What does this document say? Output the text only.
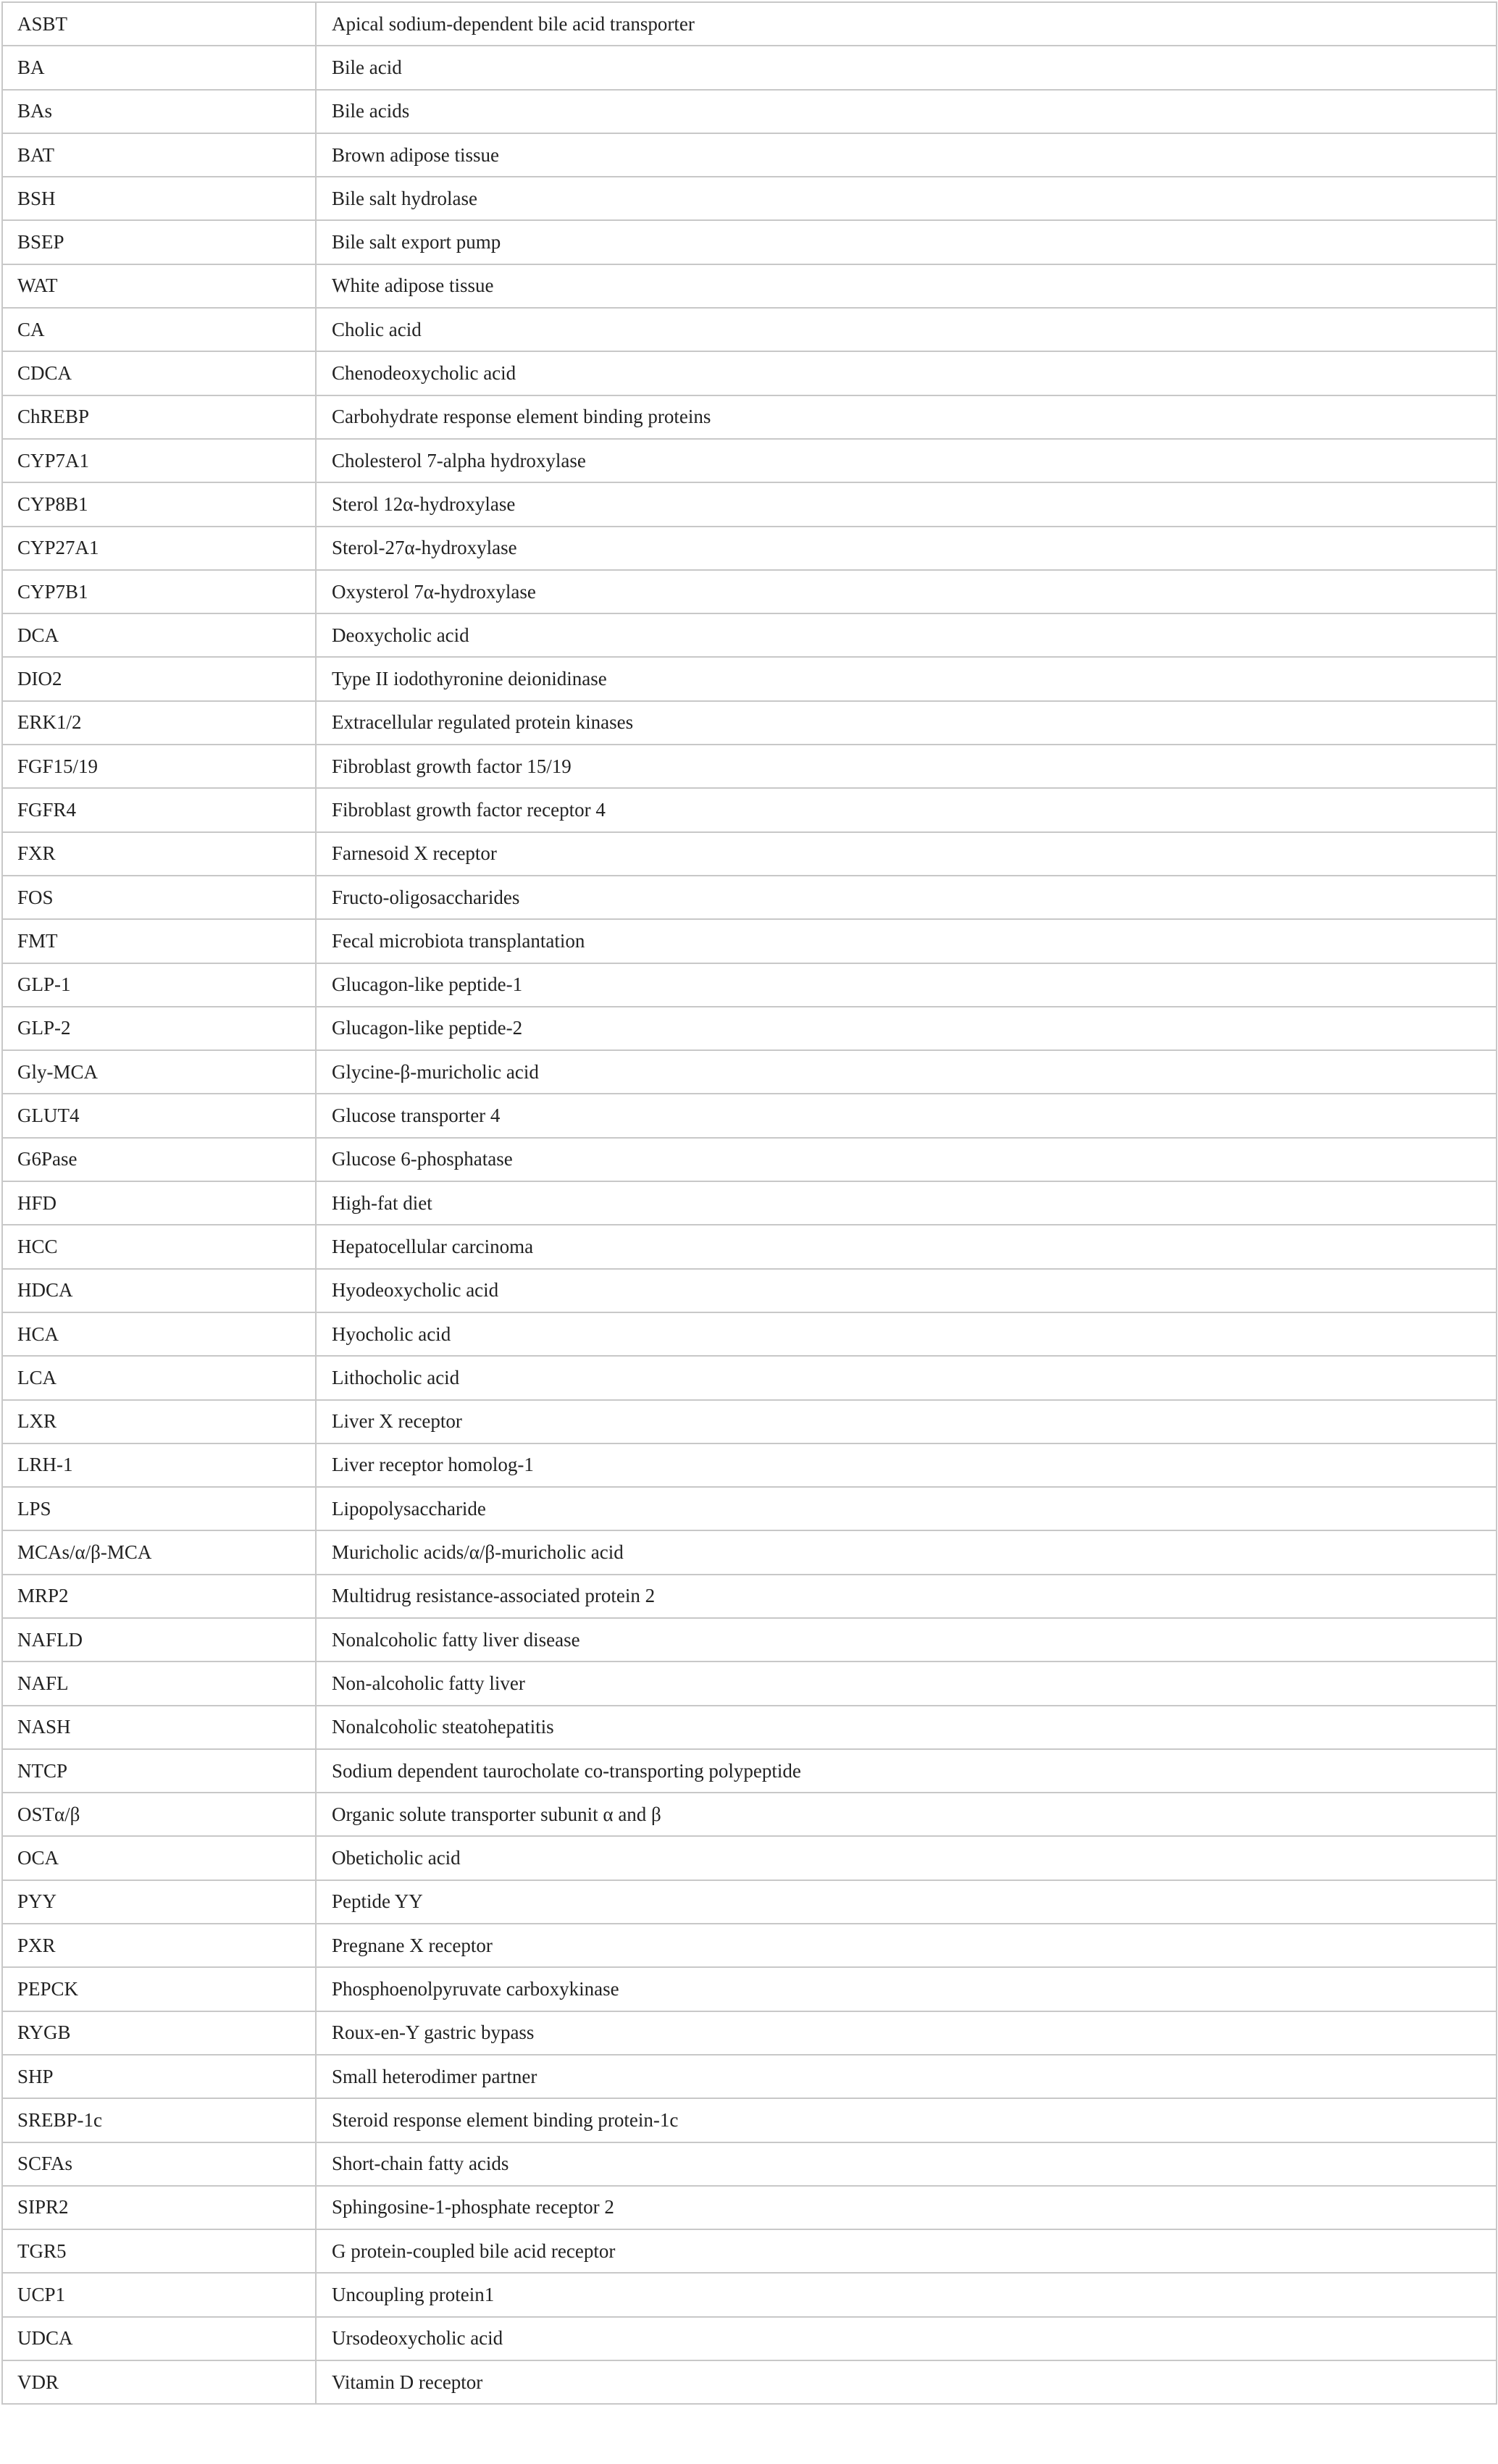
ASBT	Apical sodium-dependent bile acid transporter
BA	Bile acid
BAs	Bile acids
BAT	Brown adipose tissue
BSH	Bile salt hydrolase
BSEP	Bile salt export pump
WAT	White adipose tissue
CA	Cholic acid
CDCA	Chenodeoxycholic acid
ChREBP	Carbohydrate response element binding proteins
CYP7A1	Cholesterol 7-alpha hydroxylase
CYP8B1	Sterol 12α-hydroxylase
CYP27A1	Sterol-27α-hydroxylase
CYP7B1	Oxysterol 7α-hydroxylase
DCA	Deoxycholic acid
DIO2	Type II iodothyronine deionidinase
ERK1/2	Extracellular regulated protein kinases
FGF15/19	Fibroblast growth factor 15/19
FGFR4	Fibroblast growth factor receptor 4
FXR	Farnesoid X receptor
FOS	Fructo-oligosaccharides
FMT	Fecal microbiota transplantation
GLP-1	Glucagon-like peptide-1
GLP-2	Glucagon-like peptide-2
Gly-MCA	Glycine-β-muricholic acid
GLUT4	Glucose transporter 4
G6Pase	Glucose 6-phosphatase
HFD	High-fat diet
HCC	Hepatocellular carcinoma
HDCA	Hyodeoxycholic acid
HCA	Hyocholic acid
LCA	Lithocholic acid
LXR	Liver X receptor
LRH-1	Liver receptor homolog-1
LPS	Lipopolysaccharide
MCAs/α/β-MCA	Muricholic acids/α/β-muricholic acid
MRP2	Multidrug resistance-associated protein 2
NAFLD	Nonalcoholic fatty liver disease
NAFL	Non-alcoholic fatty liver
NASH	Nonalcoholic steatohepatitis
NTCP	Sodium dependent taurocholate co-transporting polypeptide
OSTα/β	Organic solute transporter subunit α and β
OCA	Obeticholic acid
PYY	Peptide YY
PXR	Pregnane X receptor
PEPCK	Phosphoenolpyruvate carboxykinase
RYGB	Roux-en-Y gastric bypass
SHP	Small heterodimer partner
SREBP-1c	Steroid response element binding protein-1c
SCFAs	Short-chain fatty acids
SIPR2	Sphingosine-1-phosphate receptor 2
TGR5	G protein-coupled bile acid receptor
UCP1	Uncoupling protein1
UDCA	Ursodeoxycholic acid
VDR	Vitamin D receptor
